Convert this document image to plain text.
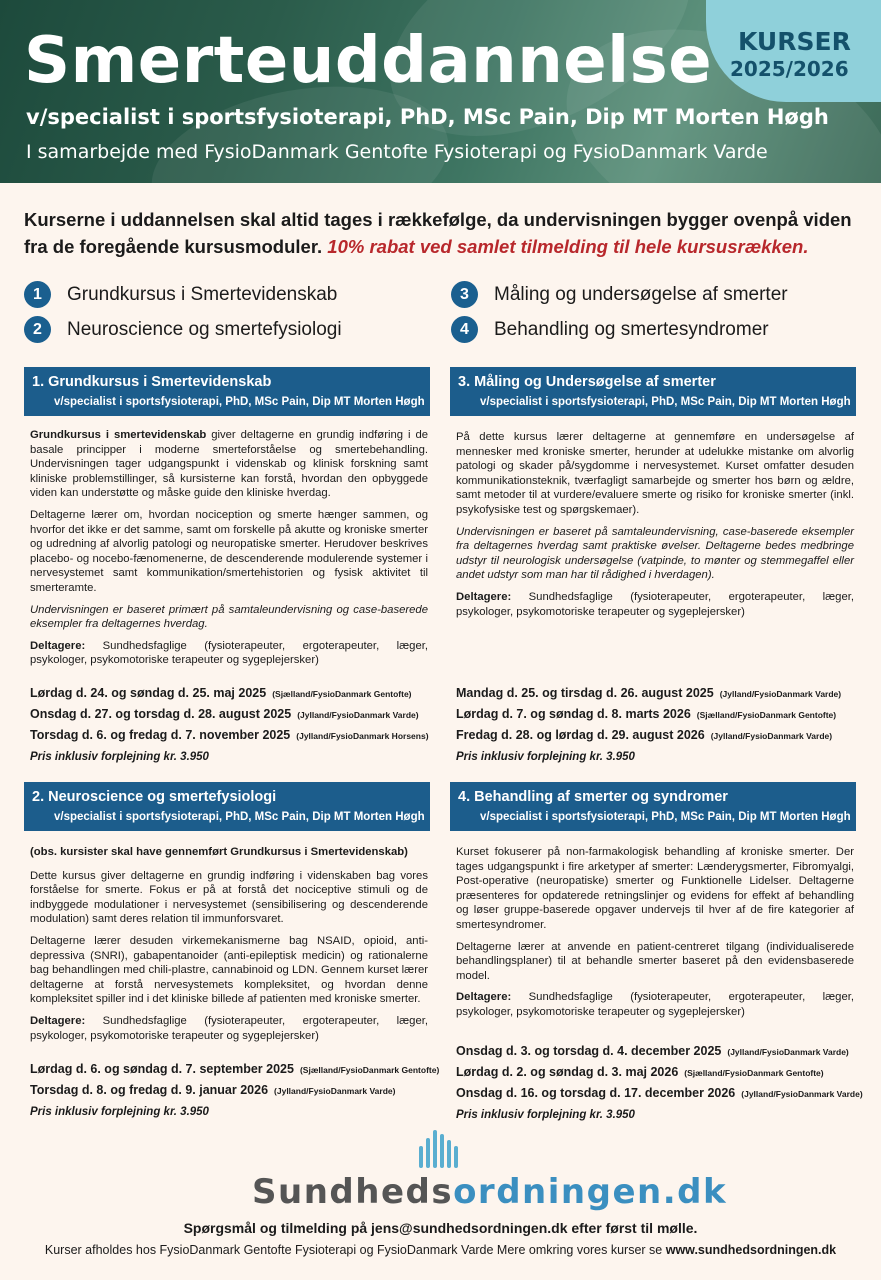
Smerteuddannelse
v/specialist i sportsfysioterapi, PhD, MSc Pain, Dip MT Morten Høgh
I samarbejde med FysioDanmark Gentofte Fysioterapi og FysioDanmark Varde
KURSER
2025/2026
Kurserne i uddannelsen skal altid tages i rækkefølge, da undervisningen bygger ovenpå viden fra de foregående kursusmoduler. 10% rabat ved samlet tilmelding til hele kursusrækken.
1	Grundkursus i Smertevidenskab
2	Neuroscience og smertefysiologi
3	Måling og undersøgelse af smerter
4	Behandling og smertesyndromer
1. Grundkursus i Smertevidenskab
v/specialist i sportsfysioterapi, PhD, MSc Pain, Dip MT Morten Høgh

Grundkursus i smertevidenskab giver deltagerne en grundig indføring i de basale principper i moderne smerteforståelse og smertebehandling. Undervisningen tager udgangspunkt i videnskab og klinisk forskning samt kliniske problemstillinger, så kursisterne kan forstå, hvordan den opbyggede viden kan understøtte og måske guide den kliniske hverdag.

Deltagerne lærer om, hvordan nociception og smerte hænger sammen, og hvorfor det ikke er det samme, samt om forskelle på akutte og kroniske smerter og udredning af alvorlig patologi og neuropatiske smerter. Herudover beskrives placebo- og nocebo-fænomenerne, de descenderende modulerende systemer i nervesystemet samt kommunikation/smertehistorien og fysisk aktivitet til smerteramte.

Undervisningen er baseret primært på samtaleundervisning og case-baserede eksempler fra deltagernes hverdag.

Deltagere: Sundhedsfaglige (fysioterapeuter, ergoterapeuter, læger, psykologer, psykomotoriske terapeuter og sygeplejersker)

Lørdag d. 24. og søndag d. 25. maj 2025 (Sjælland/FysioDanmark Gentofte)
Onsdag d. 27. og torsdag d. 28. august 2025 (Jylland/FysioDanmark Varde)
Torsdag d. 6. og fredag d. 7. november 2025 (Jylland/FysioDanmark Horsens)
Pris inklusiv forplejning kr. 3.950
3. Måling og Undersøgelse af smerter
v/specialist i sportsfysioterapi, PhD, MSc Pain, Dip MT Morten Høgh

På dette kursus lærer deltagerne at gennemføre en undersøgelse af mennesker med kroniske smerter, herunder at udelukke mistanke om alvorlig patologi og skader på/sygdomme i nervesystemet. Kurset omfatter desuden kommunikationsteknik, tværfagligt samarbejde og smerter hos børn og ældre, samt metoder til at vurdere/evaluere smerte og risiko for kroniske smerter (inkl. psykofysiske test og spørgskemaer).

Undervisningen er baseret på samtaleundervisning, case-baserede eksempler fra deltagernes hverdag samt praktiske øvelser. Deltagerne bedes medbringe udstyr til neurologisk undersøgelse (vatpinde, to mønter og stemmegaffel eller andet udstyr som man har til rådighed i hverdagen).

Deltagere: Sundhedsfaglige (fysioterapeuter, ergoterapeuter, læger, psykologer, psykomotoriske terapeuter og sygeplejersker)

Mandag d. 25. og tirsdag d. 26. august 2025 (Jylland/FysioDanmark Varde)
Lørdag d. 7. og søndag d. 8. marts 2026 (Sjælland/FysioDanmark Gentofte)
Fredag d. 28. og lørdag d. 29. august 2026 (Jylland/FysioDanmark Varde)
Pris inklusiv forplejning kr. 3.950
2. Neuroscience og smertefysiologi
v/specialist i sportsfysioterapi, PhD, MSc Pain, Dip MT Morten Høgh

(obs. kursister skal have gennemført Grundkursus i Smertevidenskab)

Dette kursus giver deltagerne en grundig indføring i videnskaben bag vores forståelse for smerte. Fokus er på at forstå det nociceptive stimuli og de indbyggede modulationer i nervesystemet (sensibilisering og descenderende modulation) samt deres relation til immunforsvaret.

Deltagerne lærer desuden virkemekanismerne bag NSAID, opioid, anti-depressiva (SNRI), gabapentanoider (anti-epileptisk medicin) og rationalerne bag behandlingen med chili-plastre, cannabinoid og LDN. Gennem kurset lærer deltagerne at forstå nervesystemets kompleksitet, og hvordan denne kompleksitet spiller ind i det kliniske billede af patienten med kroniske smerter.

Deltagere: Sundhedsfaglige (fysioterapeuter, ergoterapeuter, læger, psykologer, psykomotoriske terapeuter og sygeplejersker)

Lørdag d. 6. og søndag d. 7. september 2025 (Sjælland/FysioDanmark Gentofte)
Torsdag d. 8. og fredag d. 9. januar 2026 (Jylland/FysioDanmark Varde)
Pris inklusiv forplejning kr. 3.950
4. Behandling af smerter og syndromer
v/specialist i sportsfysioterapi, PhD, MSc Pain, Dip MT Morten Høgh

Kurset fokuserer på non-farmakologisk behandling af kroniske smerter. Der tages udgangspunkt i fire arketyper af smerter: Lænderygsmerter, Fibromyalgi, Post-operative (neuropatiske) smerter og Funktionelle Lidelser. Deltagerne præsenteres for opdaterede retningslinjer og evidens for effekt af behandling og løser gruppe-baserede opgaver undervejs til hver af de fire kategorier af smertesyndromer.

Deltagerne lærer at anvende en patient-centreret tilgang (individualiserede behandlingsplaner) til at behandle smerter baseret på den evidensbaserede model.

Deltagere: Sundhedsfaglige (fysioterapeuter, ergoterapeuter, læger, psykologer, psykomotoriske terapeuter og sygeplejersker)

Onsdag d. 3. og torsdag d. 4. december 2025 (Jylland/FysioDanmark Varde)
Lørdag d. 2. og søndag d. 3. maj 2026 (Sjælland/FysioDanmark Gentofte)
Onsdag d. 16. og torsdag d. 17. december 2026 (Jylland/FysioDanmark Varde)
Pris inklusiv forplejning kr. 3.950
Sundhedsordningen.dk
Spørgsmål og tilmelding på jens@sundhedsordningen.dk efter først til mølle.
Kurser afholdes hos FysioDanmark Gentofte Fysioterapi og FysioDanmark Varde Mere omkring vores kurser se www.sundhedsordningen.dk
